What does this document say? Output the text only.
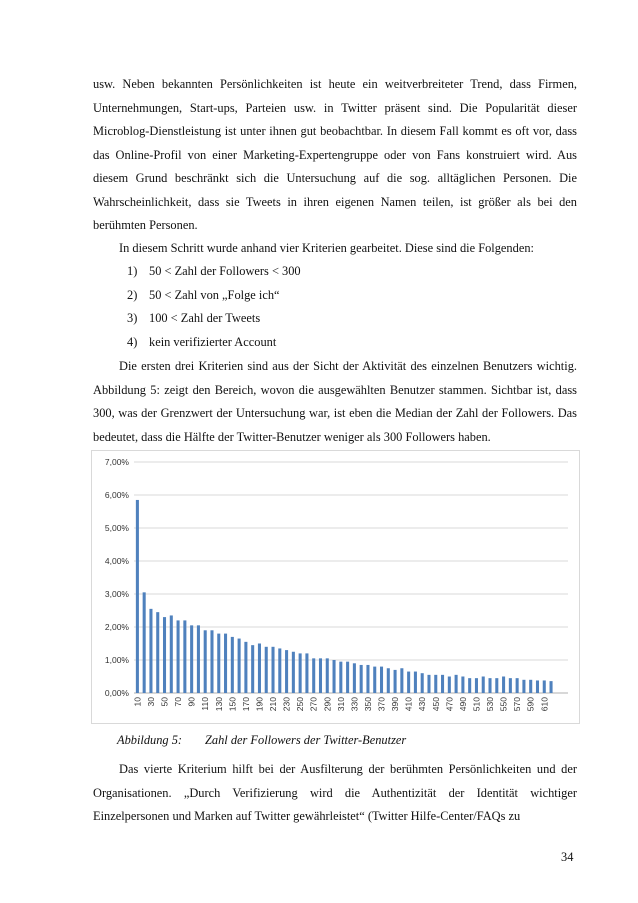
usw. Neben bekannten Persönlichkeiten ist heute ein weitverbreiteter Trend, dass Firmen, Unternehmungen, Start-ups, Parteien usw. in Twitter präsent sind. Die Popularität dieser Microblog-Dienstleistung ist unter ihnen gut beobachtbar. In diesem Fall kommt es oft vor, dass das Online-Profil von einer Marketing-Expertengruppe oder von Fans konstruiert wird. Aus diesem Grund beschränkt sich die Untersuchung auf die sog. alltäglichen Personen. Die Wahrscheinlichkeit, dass sie Tweets in ihren eigenen Namen teilen, ist größer als bei den berühmten Personen.

In diesem Schritt wurde anhand vier Kriterien gearbeitet. Diese sind die Folgenden:

1) 50 < Zahl der Followers < 300
2) 50 < Zahl von „Folge ich“
3) 100 < Zahl der Tweets
4) kein verifizierter Account

Die ersten drei Kriterien sind aus der Sicht der Aktivität des einzelnen Benutzers wichtig. Abbildung 5: zeigt den Bereich, wovon die ausgewählten Benutzer stammen. Sichtbar ist, dass 300, was der Grenzwert der Untersuchung war, ist eben die Median der Zahl der Followers. Das bedeutet, dass die Hälfte der Twitter-Benutzer weniger als 300 Followers haben.

0,00%
1,00%
2,00%
3,00%
4,00%
5,00%
6,00%
7,00%
10 30 50 70 90 110 130 150 170 190 210 230 250 270 290 310 330 350 370 390 410 430 450 470 490 510 530 550 570 590 610
Abbildung 5: Zahl der Followers der Twitter-Benutzer

Das vierte Kriterium hilft bei der Ausfilterung der berühmten Persönlichkeiten und der Organisationen. „Durch Verifizierung wird die Authentizität der Identität wichtiger Einzelpersonen und Marken auf Twitter gewährleistet“ (Twitter Hilfe-Center/FAQs zu

34
